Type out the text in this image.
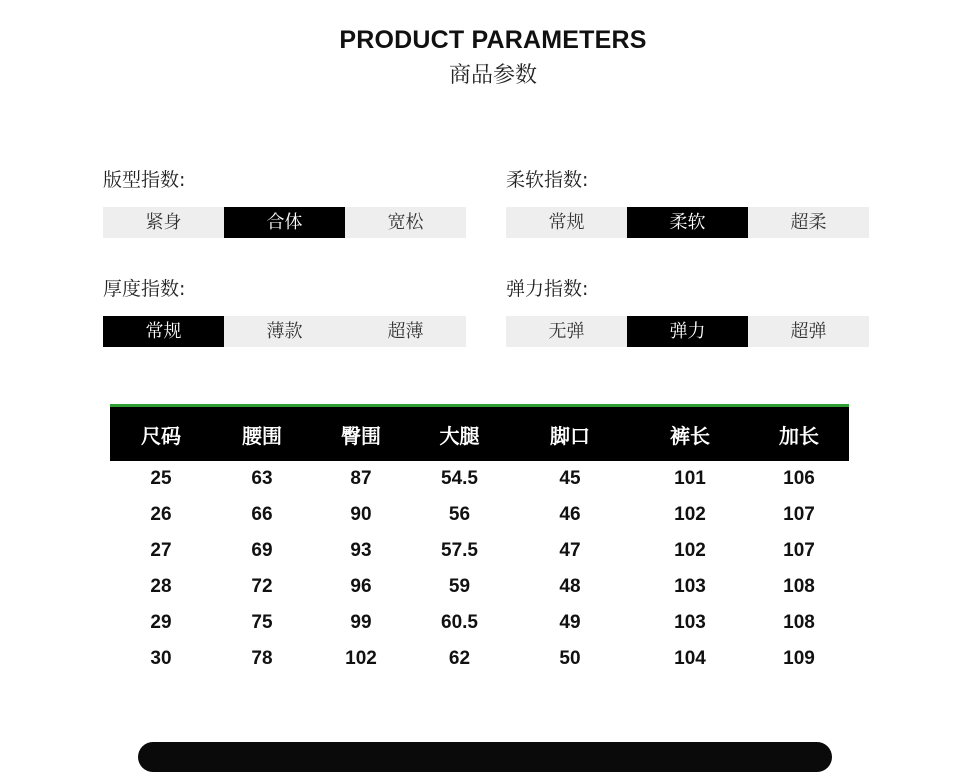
PRODUCT PARAMETERS
商品参数
版型指数:
紧身	合体	宽松
柔软指数:
常规	柔软	超柔
厚度指数:
常规	薄款	超薄
弹力指数:
无弹	弹力	超弹
尺码	腰围	臀围	大腿	脚口	裤长	加长
25	63	87	54.5	45	101	106
26	66	90	56	46	102	107
27	69	93	57.5	47	102	107
28	72	96	59	48	103	108
29	75	99	60.5	49	103	108
30	78	102	62	50	104	109
